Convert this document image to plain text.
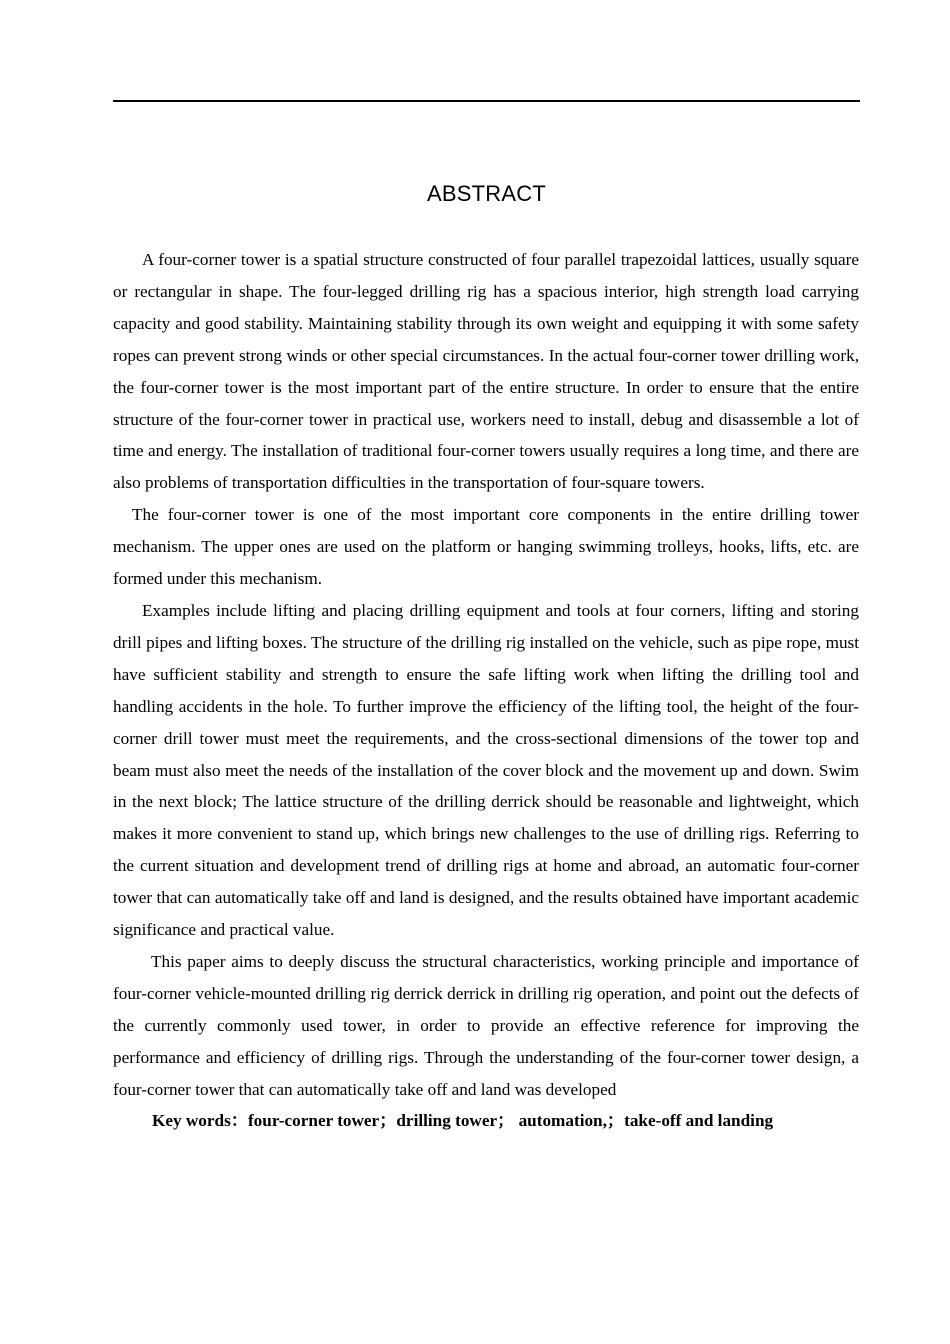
ABSTRACT

A four-corner tower is a spatial structure constructed of four parallel trapezoidal lattices, usually square or rectangular in shape. The four-legged drilling rig has a spacious interior, high strength load carrying capacity and good stability. Maintaining stability through its own weight and equipping it with some safety ropes can prevent strong winds or other special circumstances. In the actual four-corner tower drilling work, the four-corner tower is the most important part of the entire structure. In order to ensure that the entire structure of the four-corner tower in practical use, workers need to install, debug and disassemble a lot of time and energy. The installation of traditional four-corner towers usually requires a long time, and there are also problems of transportation difficulties in the transportation of four-square towers.

The four-corner tower is one of the most important core components in the entire drilling tower mechanism. The upper ones are used on the platform or hanging swimming trolleys, hooks, lifts, etc. are formed under this mechanism.

Examples include lifting and placing drilling equipment and tools at four corners, lifting and storing drill pipes and lifting boxes. The structure of the drilling rig installed on the vehicle, such as pipe rope, must have sufficient stability and strength to ensure the safe lifting work when lifting the drilling tool and handling accidents in the hole. To further improve the efficiency of the lifting tool, the height of the four-corner drill tower must meet the requirements, and the cross-sectional dimensions of the tower top and beam must also meet the needs of the installation of the cover block and the movement up and down. Swim in the next block; The lattice structure of the drilling derrick should be reasonable and lightweight, which makes it more convenient to stand up, which brings new challenges to the use of drilling rigs. Referring to the current situation and development trend of drilling rigs at home and abroad, an automatic four-corner tower that can automatically take off and land is designed, and the results obtained have important academic significance and practical value.

This paper aims to deeply discuss the structural characteristics, working principle and importance of four-corner vehicle-mounted drilling rig derrick derrick in drilling rig operation, and point out the defects of the currently commonly used tower, in order to provide an effective reference for improving the performance and efficiency of drilling rigs. Through the understanding of the four-corner tower design, a four-corner tower that can automatically take off and land was developed

Key words：four-corner tower；drilling tower； automation,；take-off and landing
